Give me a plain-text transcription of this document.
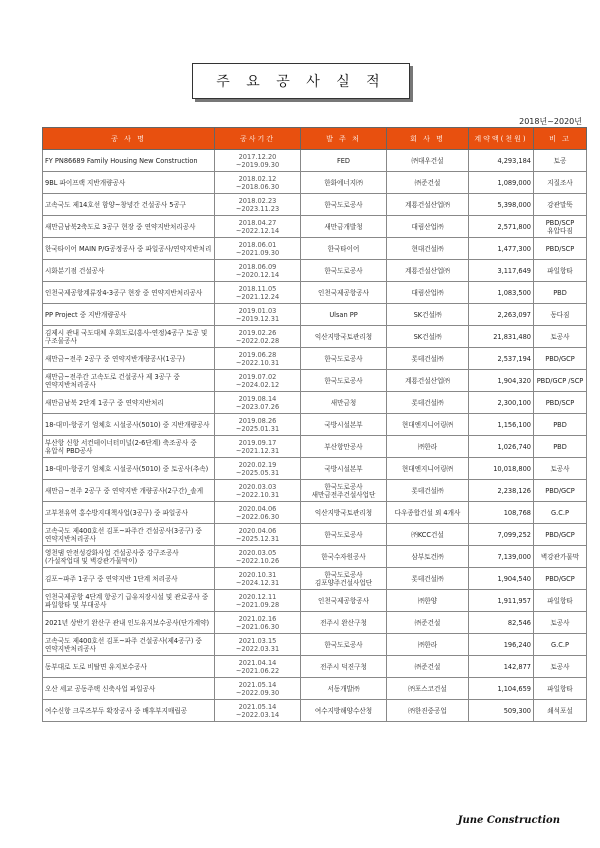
주 요 공 사 실 적
2018년~2020년
공 사 명	공사기간	발 주 처	회 사 명	계약액(천원)	비 고
FY PN86689 Family Housing New Construction	2017.12.20 ~2019.09.30	FED	㈜대우건설	4,293,184	토공
9BL 파이프랙 지반개량공사	2018.02.12 ~2018.06.30	한화에너지㈜	㈜준건설	1,089,000	지질조사
고속국도 제14호선 함양~창녕간 건설공사 5공구	2018.02.23 ~2023.11.23	한국도로공사	계룡건설산업㈜	5,398,000	강관말뚝
새만금남북2축도로 3공구 현장 중 연약지반처리공사	2018.04.27 ~2022.12.14	새만금개발청	대림산업㈜	2,571,800	PBD/SCP 유압다짐
한국타이어 MAIN P/G공정공사 중 파일공사/연약지반처리	2018.06.01 ~2021.09.30	한국타이어	현대건설㈜	1,477,300	PBD/SCP
시화분기점 건설공사	2018.06.09 ~2020.12.14	한국도로공사	계룡건설산업㈜	3,117,649	파일항타
인천국제공항계류장4-3공구 현장 중 연약지반처리공사	2018.11.05 ~2021.12.24	인천국제공항공사	대림산업㈜	1,083,500	PBD
PP Project 중 지반개량공사	2019.01.03 ~2019.12.31	Ulsan PP	SK건설㈜	2,263,097	동다짐
김제시 관내 국도대체 우회도로(흥사-연정)4공구 토공 및 구조물공사	2019.02.26 ~2022.02.28	익산지방국토관리청	SK건설㈜	21,831,480	토공사
새만금~전주 2공구 중 연약지반개량공사(1공구)	2019.06.28 ~2022.10.31	한국도로공사	롯데건설㈜	2,537,194	PBD/GCP
새만금~전주간 고속도로 건설공사 제 3공구 중 연약지반처리공사	2019.07.02 ~2024.02.12	한국도로공사	계룡건설산업㈜	1,904,320	PBD/GCP /SCP
새만금남북 2단계 1공구 중 연약지반처리	2019.08.14 ~2023.07.26	새만금청	롯데건설㈜	2,300,100	PBD/SCP
18-대미-항공기 엄체호 시설공사(5010) 중 지반개량공사	2019.08.26 ~2025.01.31	국방시설본부	현대엔지니어링㈜	1,156,100	PBD
부산항 신항 서컨테이너터미널(2-6단계) 축조공사 중 유압식 PBD공사	2019.09.17 ~2021.12.31	부산항만공사	㈜한라	1,026,740	PBD
18-대미-항공기 엄체호 시설공사(5010) 중 토공사(추속)	2020.02.19 ~2025.05.31	국방시설본부	현대엔지니어링㈜	10,018,800	토공사
새만금~전주 2공구 중 연약지반 개량공사(2구간)_솔게	2020.03.03 ~2022.10.31	한국도로공사 새만금전주건설사업단	롯데건설㈜	2,238,126	PBD/GCP
고부천유역 홍수방지대책사업(3공구) 중 파일공사	2020.04.06 ~2022.06.30	익산지방국토관리청	다우종합건설 외 4개사	108,768	G.C.P
고속국도 제400호선 김포~파주간 건설공사(3공구) 중 연약지반처리공사	2020.04.06 ~2025.12.31	한국도로공사	㈜KCC건설	7,099,252	PBD/GCP
영천댐 안전성강화사업 건설공사중 강구조공사(가설작업대 및 벽강관가물막이)	2020.03.05 ~2022.10.26	한국수자원공사	삼부토건㈜	7,139,000	벽강관가물막
김포~파주 1공구 중 연약지반 1단계 처리공사	2020.10.31 ~2024.12.31	한국도로공사 김포양주건설사업단	롯데건설㈜	1,904,540	PBD/GCP
인천국제공항 4단계 항공기 급유저장시설 및 관로공사 중 파일항타 및 부대공사	2020.12.11 ~2021.09.28	인천국제공항공사	㈜한양	1,911,957	파일항타
2021년 상반기 완산구 관내 인도유지보수공사(단가계약)	2021.02.16 ~2021.06.30	전주시 완산구청	㈜준건설	82,546	토공사
고속국도 제400호선 김포~파주 건설공사(제4공구) 중 연약지반처리공사	2021.03.15 ~2022.03.31	한국도로공사	㈜한라	196,240	G.C.P
동부대로 도로 비탈면 유지보수공사	2021.04.14 ~2021.06.22	전주시 덕진구청	㈜준건설	142,877	토공사
오산 세교 공동주택 신축사업 파일공사	2021.05.14 ~2022.09.30	서동개발㈜	㈜포스코건설	1,104,659	파일항타
여수신항 크루즈부두 확장공사 중 배후부지매립공	2021.05.14 ~2022.03.14	여수지방해양수산청	㈜한진중공업	509,300	쇄석포설
June Construction
